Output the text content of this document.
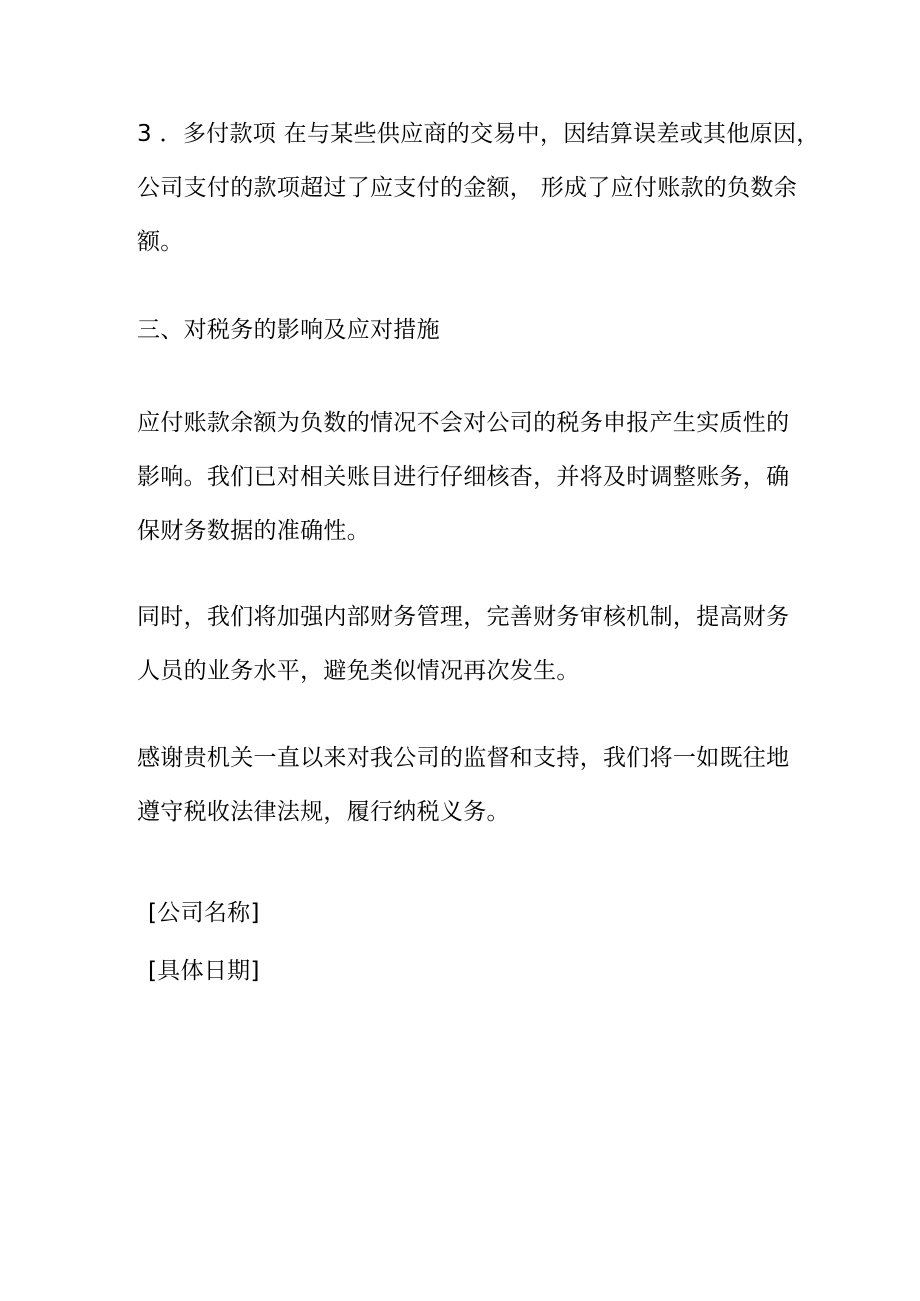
3 ．多付款项 在与某些供应商的交易中，因结算误差或其他原因，
公司支付的款项超过了应支付的金额， 形成了应付账款的负数余
额。

三、对税务的影响及应对措施

应付账款余额为负数的情况不会对公司的税务申报产生实质性的
影响。我们已对相关账目进行仔细核杳，并将及时调整账务，确
保财务数据的准确性。

同时，我们将加强内部财务管理，完善财务审核机制，提高财务
人员的业务水平，避免类似情况再次发生。

感谢贵机关一直以来对我公司的监督和支持，我们将一如既往地
遵守税收法律法规，履行纳税义务。

[公司名称]
[具体日期]
